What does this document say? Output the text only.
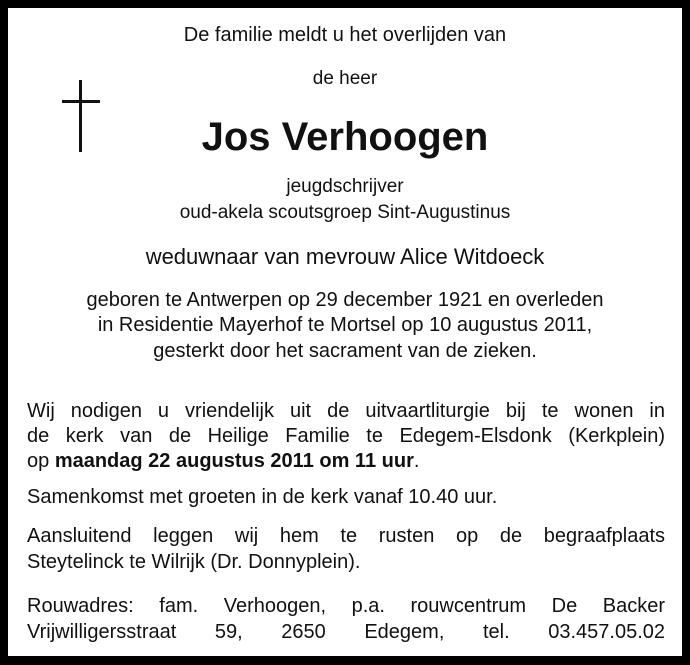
De familie meldt u het overlijden van
de heer
Jos Verhoogen
jeugdschrijver
oud-akela scoutsgroep Sint-Augustinus
weduwnaar van mevrouw Alice Witdoeck
geboren te Antwerpen op 29 december 1921 en overleden
in Residentie Mayerhof te Mortsel op 10 augustus 2011,
gesterkt door het sacrament van de zieken.
Wij nodigen u vriendelijk uit de uitvaartliturgie bij te wonen in
de kerk van de Heilige Familie te Edegem-Elsdonk (Kerkplein)
op maandag 22 augustus 2011 om 11 uur.
Samenkomst met groeten in de kerk vanaf 10.40 uur.
Aansluitend leggen wij hem te rusten op de begraafplaats
Steytelinck te Wilrijk (Dr. Donnyplein).
Rouwadres: fam. Verhoogen, p.a. rouwcentrum De Backer
Vrijwilligersstraat 59, 2650 Edegem, tel. 03.457.05.02
